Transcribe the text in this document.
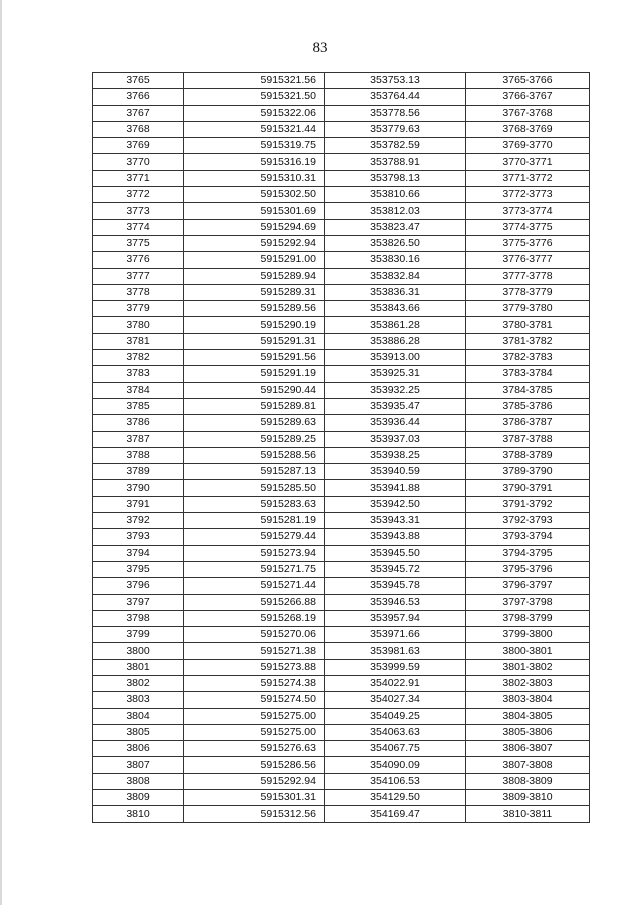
83
3765	5915321.56	353753.13	3765-3766
3766	5915321.50	353764.44	3766-3767
3767	5915322.06	353778.56	3767-3768
3768	5915321.44	353779.63	3768-3769
3769	5915319.75	353782.59	3769-3770
3770	5915316.19	353788.91	3770-3771
3771	5915310.31	353798.13	3771-3772
3772	5915302.50	353810.66	3772-3773
3773	5915301.69	353812.03	3773-3774
3774	5915294.69	353823.47	3774-3775
3775	5915292.94	353826.50	3775-3776
3776	5915291.00	353830.16	3776-3777
3777	5915289.94	353832.84	3777-3778
3778	5915289.31	353836.31	3778-3779
3779	5915289.56	353843.66	3779-3780
3780	5915290.19	353861.28	3780-3781
3781	5915291.31	353886.28	3781-3782
3782	5915291.56	353913.00	3782-3783
3783	5915291.19	353925.31	3783-3784
3784	5915290.44	353932.25	3784-3785
3785	5915289.81	353935.47	3785-3786
3786	5915289.63	353936.44	3786-3787
3787	5915289.25	353937.03	3787-3788
3788	5915288.56	353938.25	3788-3789
3789	5915287.13	353940.59	3789-3790
3790	5915285.50	353941.88	3790-3791
3791	5915283.63	353942.50	3791-3792
3792	5915281.19	353943.31	3792-3793
3793	5915279.44	353943.88	3793-3794
3794	5915273.94	353945.50	3794-3795
3795	5915271.75	353945.72	3795-3796
3796	5915271.44	353945.78	3796-3797
3797	5915266.88	353946.53	3797-3798
3798	5915268.19	353957.94	3798-3799
3799	5915270.06	353971.66	3799-3800
3800	5915271.38	353981.63	3800-3801
3801	5915273.88	353999.59	3801-3802
3802	5915274.38	354022.91	3802-3803
3803	5915274.50	354027.34	3803-3804
3804	5915275.00	354049.25	3804-3805
3805	5915275.00	354063.63	3805-3806
3806	5915276.63	354067.75	3806-3807
3807	5915286.56	354090.09	3807-3808
3808	5915292.94	354106.53	3808-3809
3809	5915301.31	354129.50	3809-3810
3810	5915312.56	354169.47	3810-3811
